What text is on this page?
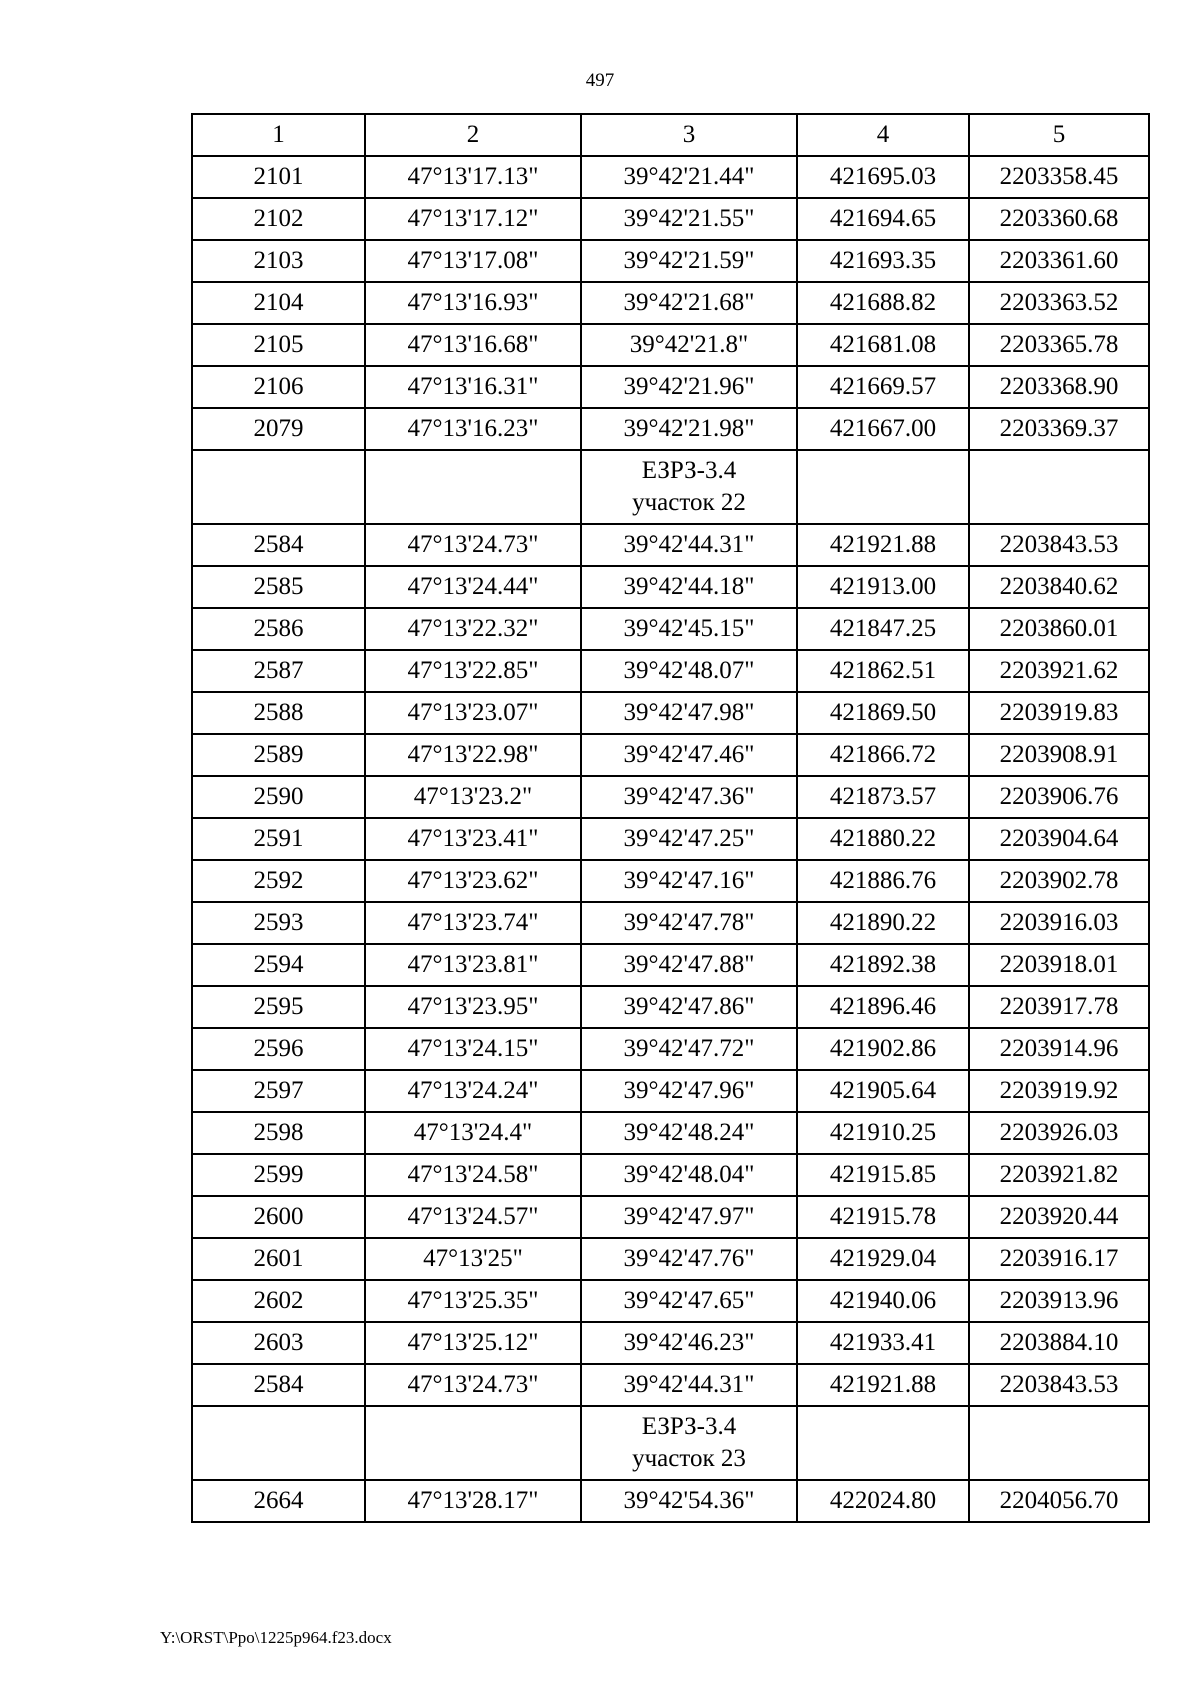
497
1	2	3	4	5
2101	47°13'17.13"	39°42'21.44"	421695.03	2203358.45
2102	47°13'17.12"	39°42'21.55"	421694.65	2203360.68
2103	47°13'17.08"	39°42'21.59"	421693.35	2203361.60
2104	47°13'16.93"	39°42'21.68"	421688.82	2203363.52
2105	47°13'16.68"	39°42'21.8"	421681.08	2203365.78
2106	47°13'16.31"	39°42'21.96"	421669.57	2203368.90
2079	47°13'16.23"	39°42'21.98"	421667.00	2203369.37

		ЕЗРЗ-3.4
участок 22		

2584	47°13'24.73"	39°42'44.31"	421921.88	2203843.53
2585	47°13'24.44"	39°42'44.18"	421913.00	2203840.62
2586	47°13'22.32"	39°42'45.15"	421847.25	2203860.01
2587	47°13'22.85"	39°42'48.07"	421862.51	2203921.62
2588	47°13'23.07"	39°42'47.98"	421869.50	2203919.83
2589	47°13'22.98"	39°42'47.46"	421866.72	2203908.91
2590	47°13'23.2"	39°42'47.36"	421873.57	2203906.76
2591	47°13'23.41"	39°42'47.25"	421880.22	2203904.64
2592	47°13'23.62"	39°42'47.16"	421886.76	2203902.78
2593	47°13'23.74"	39°42'47.78"	421890.22	2203916.03
2594	47°13'23.81"	39°42'47.88"	421892.38	2203918.01
2595	47°13'23.95"	39°42'47.86"	421896.46	2203917.78
2596	47°13'24.15"	39°42'47.72"	421902.86	2203914.96
2597	47°13'24.24"	39°42'47.96"	421905.64	2203919.92
2598	47°13'24.4"	39°42'48.24"	421910.25	2203926.03
2599	47°13'24.58"	39°42'48.04"	421915.85	2203921.82
2600	47°13'24.57"	39°42'47.97"	421915.78	2203920.44
2601	47°13'25"	39°42'47.76"	421929.04	2203916.17
2602	47°13'25.35"	39°42'47.65"	421940.06	2203913.96
2603	47°13'25.12"	39°42'46.23"	421933.41	2203884.10
2584	47°13'24.73"	39°42'44.31"	421921.88	2203843.53

		ЕЗРЗ-3.4
участок 23		

2664	47°13'28.17"	39°42'54.36"	422024.80	2204056.70
Y:\ORST\Ppo\1225p964.f23.docx
